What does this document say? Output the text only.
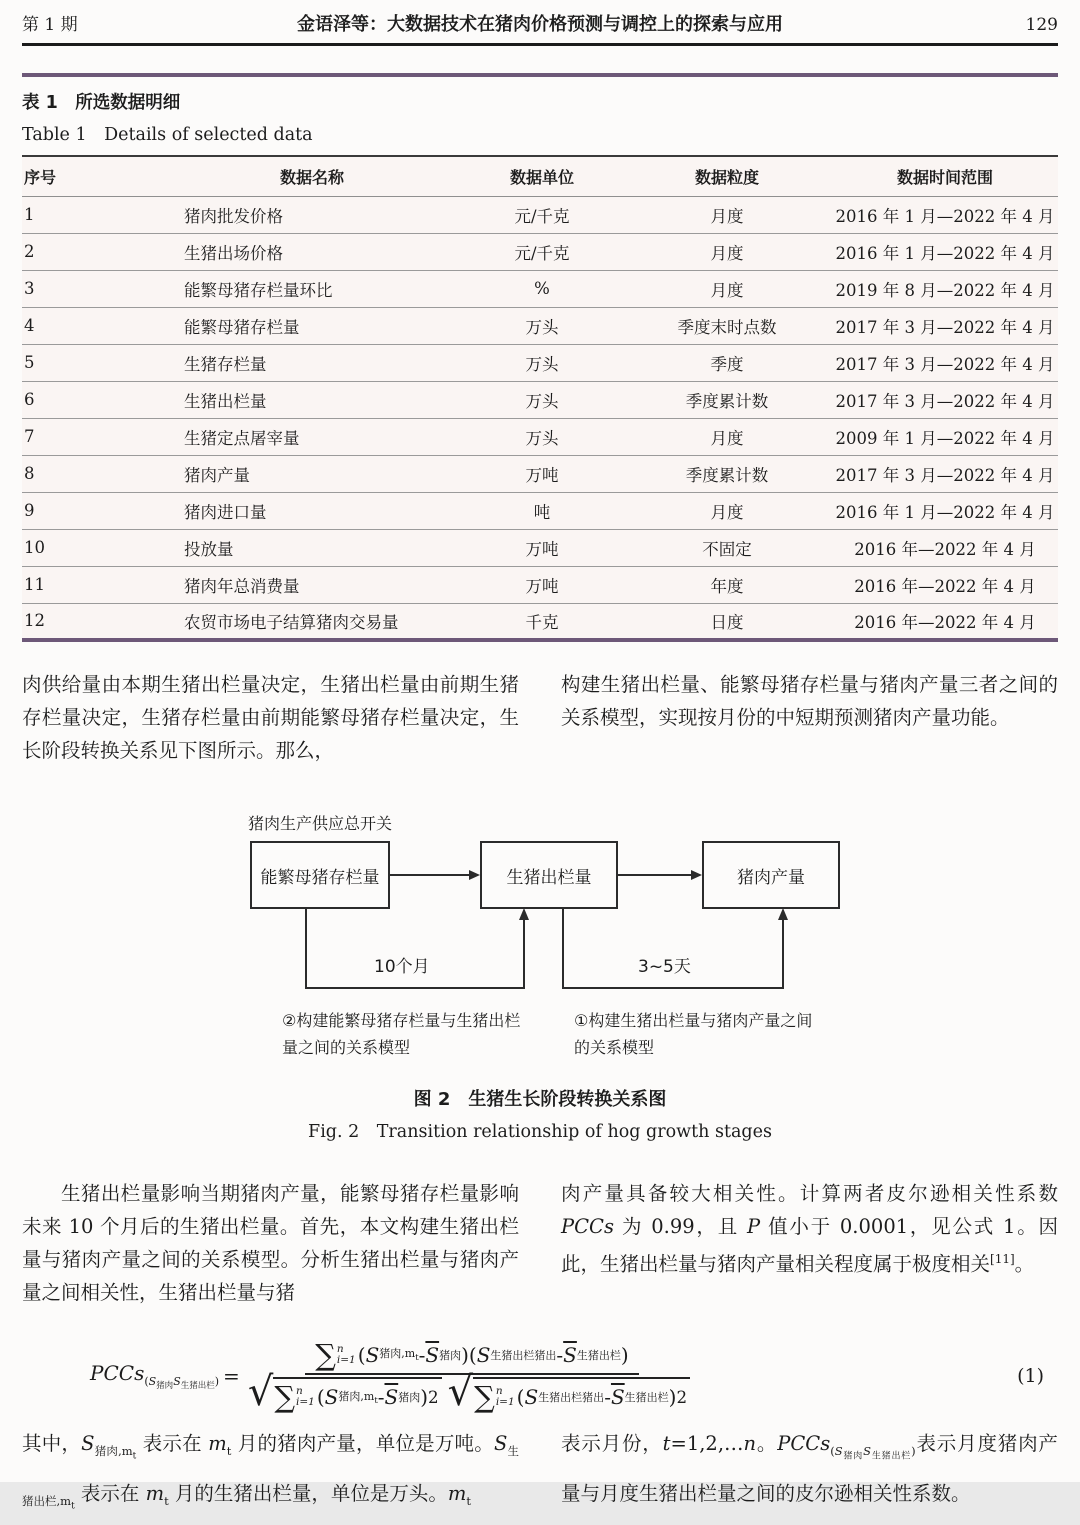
第 1 期	金语泽等：大数据技术在猪肉价格预测与调控上的探索与应用	129
表 1　所选数据明细
Table 1　Details of selected data
序号	数据名称	数据单位	数据粒度	数据时间范围
1	猪肉批发价格	元/千克	月度	2016 年 1 月—2022 年 4 月
2	生猪出场价格	元/千克	月度	2016 年 1 月—2022 年 4 月
3	能繁母猪存栏量环比	%	月度	2019 年 8 月—2022 年 4 月
4	能繁母猪存栏量	万头	季度末时点数	2017 年 3 月—2022 年 4 月
5	生猪存栏量	万头	季度	2017 年 3 月—2022 年 4 月
6	生猪出栏量	万头	季度累计数	2017 年 3 月—2022 年 4 月
7	生猪定点屠宰量	万头	月度	2009 年 1 月—2022 年 4 月
8	猪肉产量	万吨	季度累计数	2017 年 3 月—2022 年 4 月
9	猪肉进口量	吨	月度	2016 年 1 月—2022 年 4 月
10	投放量	万吨	不固定	2016 年—2022 年 4 月
11	猪肉年总消费量	万吨	年度	2016 年—2022 年 4 月
12	农贸市场电子结算猪肉交易量	千克	日度	2016 年—2022 年 4 月
肉供给量由本期生猪出栏量决定，生猪出栏量由前期生猪存栏量决定，生猪存栏量由前期能繁母猪存栏量决定，生长阶段转换关系见下图所示。那么，
构建生猪出栏量、能繁母猪存栏量与猪肉产量三者之间的关系模型，实现按月份的中短期预测猪肉产量功能。
猪肉生产供应总开关
能繁母猪存栏量	生猪出栏量	猪肉产量
10个月	3~5天
②构建能繁母猪存栏量与生猪出栏量之间的关系模型
①构建生猪出栏量与猪肉产量之间的关系模型
图 2　生猪生长阶段转换关系图
Fig. 2　Transition relationship of hog growth stages
生猪出栏量影响当期猪肉产量，能繁母猪存栏量影响未来 10 个月后的生猪出栏量。首先，本文构建生猪出栏量与猪肉产量之间的关系模型。分析生猪出栏量与猪肉产量之间相关性，生猪出栏量与猪
肉产量具备较大相关性。计算两者皮尔逊相关性系数 PCCs 为 0.99，且 P 值小于 0.0001，见公式 1。因此，生猪出栏量与猪肉产量相关程度属于极度相关[11]。
PCCs$_{(S_{猪肉}S_{生猪出栏})}$ = ∑ n
i=1 ( S 猪肉$,m_t - \overline{S}$ 猪肉 )( S 生猪出栏猪出 - $\overline{S}$ 生猪出栏 )
√ ∑ n
i=1 ( S 猪肉$,m_t - \overline{S}$ 猪肉 ) 2 √ ∑ n
i=1 ( S 生猪出栏猪出 - $\overline{S}$ 生猪出栏 ) 2	(1)
其中，$S_{猪肉,m_t}$ 表示在 $m_t$ 月的猪肉产量，单位是万吨。$S_{生猪出栏,m_t}$ 表示在 $m_t$ 月的生猪出栏量，单位是万头。$m_t$
表示月份，t=1,2,…n。PCCs$_{(S_{猪肉}S_{生猪出栏})}$表示月度猪肉产量与月度生猪出栏量之间的皮尔逊相关性系数。
